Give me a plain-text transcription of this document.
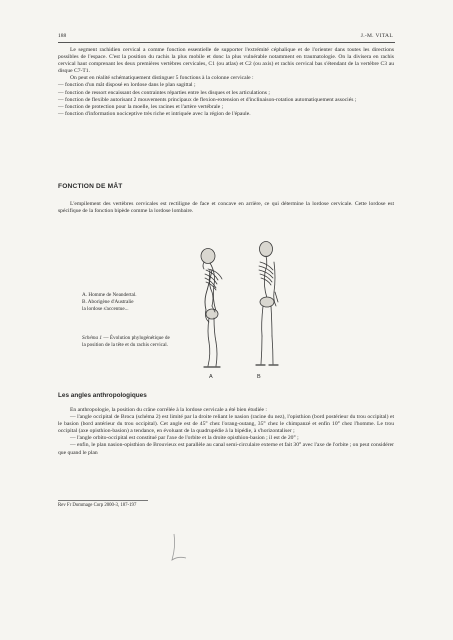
188	J.-M. VITAL

Le segment rachidien cervical a comme fonction essentielle de supporter l'extrémité céphalique et de l'orienter dans toutes les directions possibles de l'espace. C'est la position du rachis la plus mobile et donc la plus vulnérable notamment en traumatologie. On la divisera en rachis cervical haut comprenant les deux premières vertèbres cervicales, C1 (ou atlas) et C2 (ou axis) et rachis cervical bas s'étendant de la vertèbre C3 au disque C7-T1.

On peut en réalité schématiquement distinguer 5 fonctions à la colonne cervicale :

— fonction d'un mât disposé en lordose dans le plan sagittal ;

— fonction de ressort encaissant des contraintes réparties entre les disques et les articulations ;

— fonction de flexible autorisant 2 mouvements principaux de flexion-extension et d'inclinaison-rotation automatiquement associés ;

— fonction de protection pour la moelle, les racines et l'artère vertébrale ;

— fonction d'information nociceptive très riche et intriquée avec la région de l'épaule.

FONCTION DE MÂT

L'empilement des vertèbres cervicales est rectiligne de face et concave en arrière, ce qui détermine la lordose cervicale. Cette lordose est spécifique de la fonction bipède comme la lordose lombaire.

A. Homme de Neandertal.

B. Aborigène d'Australie

la lordose s'accentue...

Schéma 1 — Évolution phylogénétique de la position de la tête et du rachis cervical.
A	B
Les angles anthropologiques

En anthropologie, la position du crâne corrélée à la lordose cervicale a été bien étudiée :

— l'angle occipital de Broca (schéma 2) est limité par la droite reliant le nasion (racine du nez), l'opisthion (bord postérieur du trou occipital) et le basion (bord antérieur du trou occipital). Cet angle est de 45° chez l'orang-outang, 35° chez le chimpanzé et enfin 10° chez l'homme. Le trou occipital (axe opisthion-basion) a tendance, en évoluant de la quadrupédie à la bipédie, à s'horizontaliser ;

— l'angle orbito-occipital est constitué par l'axe de l'orbite et la droite opisthion-basion ; il est de 20° ;

— enfin, le plan nasion-opisthion de Brouvieux est parallèle au canal semi-circulaire externe et fait 30° avec l'axe de l'orbite ; on peut considérer que quand le plan

Rev Fr Dommage Corp 2000-3, 187-197
